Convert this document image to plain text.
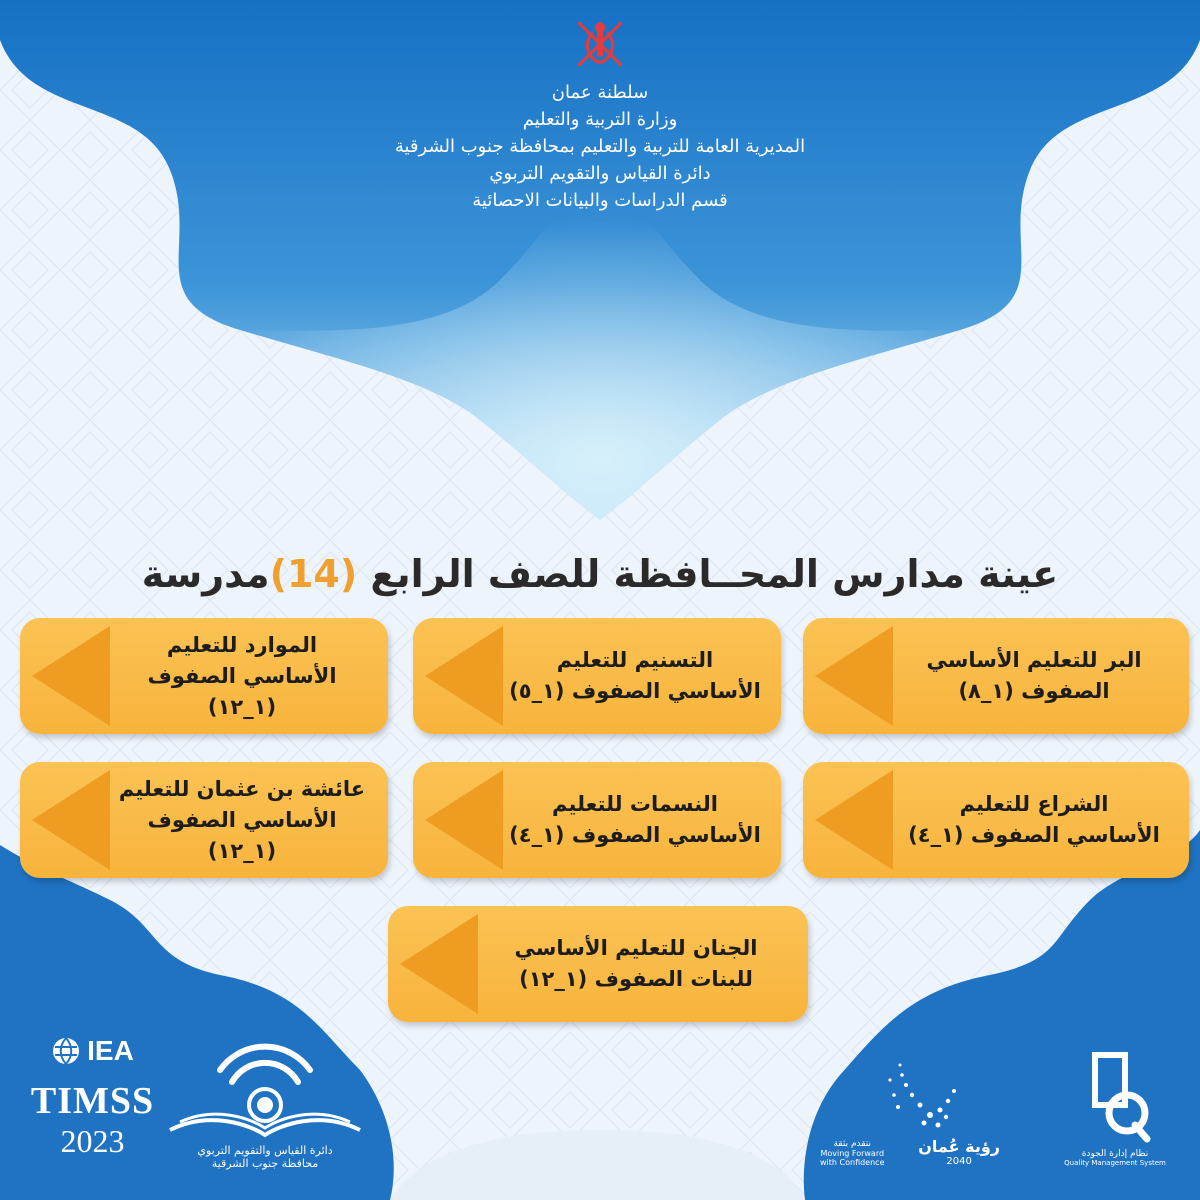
سلطنة عمان
وزارة التربية والتعليم
المديرية العامة للتربية والتعليم بمحافظة جنوب الشرقية
دائرة القياس والتقويم التربوي
قسم الدراسات والبيانات الاحصائية
عينة مدارس المحــافظة للصف الرابع (14)مدرسة
البر للتعليم الأساسي
الصفوف (١_٨)
التسنيم للتعليم
الأساسي الصفوف (١_٥)
الموارد للتعليم
الأساسي الصفوف (١_١٢)
الشراع للتعليم
الأساسي الصفوف (١_٤)
النسمات للتعليم
الأساسي الصفوف (١_٤)
عائشة بن عثمان للتعليم
الأساسي الصفوف (١_١٢)
الجنان للتعليم الأساسي
للبنات الصفوف (١_١٢)
IEA
TIMSS
2023	دائرة القياس والتقويم التربوي
محافظة جنوب الشرقية
نتقدم بثقة
Moving Forward
with Confidence
رؤية عُمان
2040
نظام إدارة الجودة
Quality Management System
